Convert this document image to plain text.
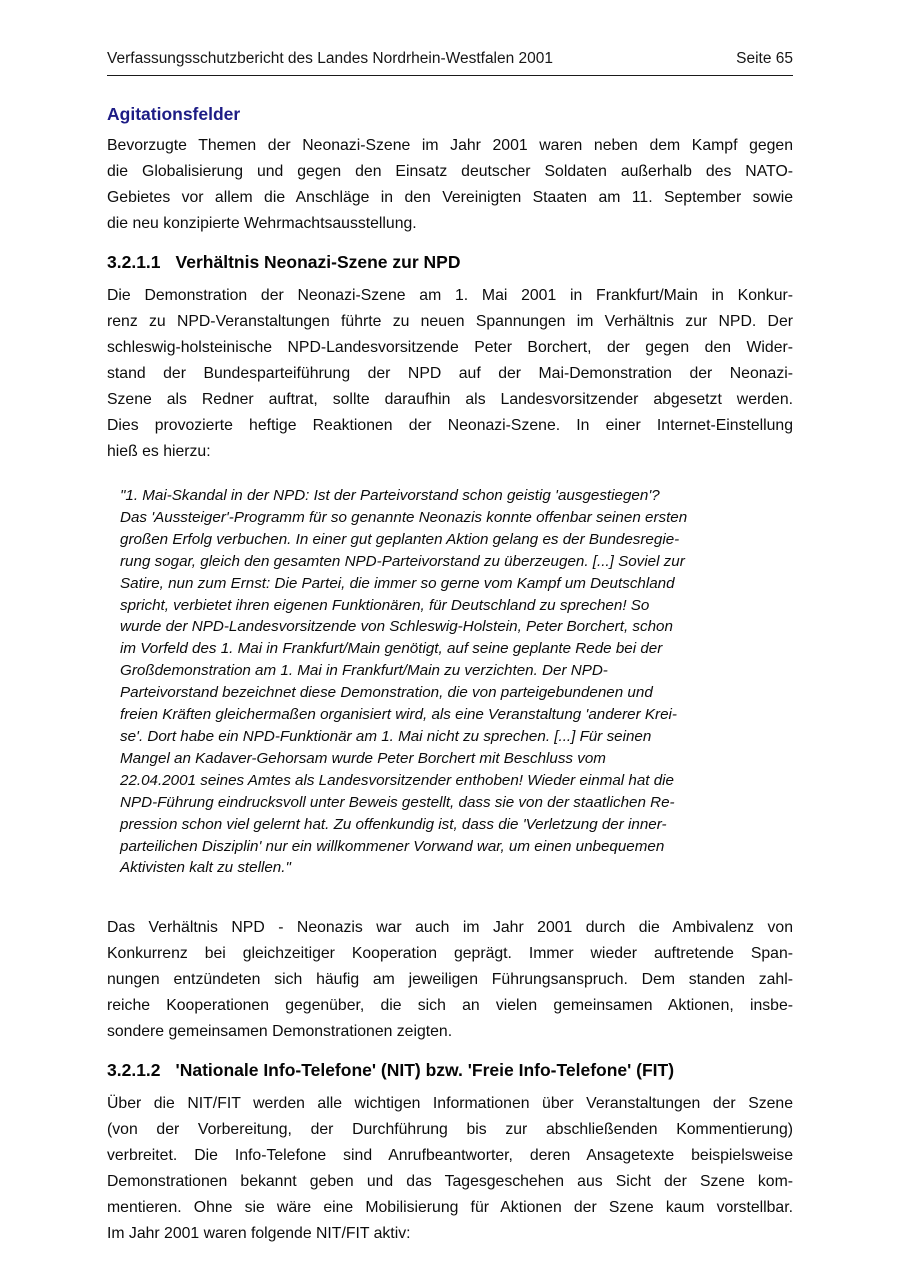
Verfassungsschutzbericht des Landes Nordrhein-Westfalen 2001	Seite 65
Agitationsfelder
Bevorzugte Themen der Neonazi-Szene im Jahr 2001 waren neben dem Kampf gegen
die Globalisierung und gegen den Einsatz deutscher Soldaten außerhalb des NATO-
Gebietes vor allem die Anschläge in den Vereinigten Staaten am 11. September sowie
die neu konzipierte Wehrmachtsausstellung.
3.2.1.1 Verhältnis Neonazi-Szene zur NPD
Die Demonstration der Neonazi-Szene am 1. Mai 2001 in Frankfurt/Main in Konkur-
renz zu NPD-Veranstaltungen führte zu neuen Spannungen im Verhältnis zur NPD. Der
schleswig-holsteinische NPD-Landesvorsitzende Peter Borchert, der gegen den Wider-
stand der Bundesparteiführung der NPD auf der Mai-Demonstration der Neonazi-
Szene als Redner auftrat, sollte daraufhin als Landesvorsitzender abgesetzt werden.
Dies provozierte heftige Reaktionen der Neonazi-Szene. In einer Internet-Einstellung
hieß es hierzu:
"1. Mai-Skandal in der NPD: Ist der Parteivorstand schon geistig 'ausgestiegen'?
Das 'Aussteiger'-Programm für so genannte Neonazis konnte offenbar seinen ersten
großen Erfolg verbuchen. In einer gut geplanten Aktion gelang es der Bundesregie-
rung sogar, gleich den gesamten NPD-Parteivorstand zu überzeugen. [...] Soviel zur
Satire, nun zum Ernst: Die Partei, die immer so gerne vom Kampf um Deutschland
spricht, verbietet ihren eigenen Funktionären, für Deutschland zu sprechen! So
wurde der NPD-Landesvorsitzende von Schleswig-Holstein, Peter Borchert, schon
im Vorfeld des 1. Mai in Frankfurt/Main genötigt, auf seine geplante Rede bei der
Großdemonstration am 1. Mai in Frankfurt/Main zu verzichten. Der NPD-
Parteivorstand bezeichnet diese Demonstration, die von parteigebundenen und
freien Kräften gleichermaßen organisiert wird, als eine Veranstaltung 'anderer Krei-
se'. Dort habe ein NPD-Funktionär am 1. Mai nicht zu sprechen. [...] Für seinen
Mangel an Kadaver-Gehorsam wurde Peter Borchert mit Beschluss vom
22.04.2001 seines Amtes als Landesvorsitzender enthoben! Wieder einmal hat die
NPD-Führung eindrucksvoll unter Beweis gestellt, dass sie von der staatlichen Re-
pression schon viel gelernt hat. Zu offenkundig ist, dass die 'Verletzung der inner-
parteilichen Disziplin' nur ein willkommener Vorwand war, um einen unbequemen
Aktivisten kalt zu stellen."
Das Verhältnis NPD - Neonazis war auch im Jahr 2001 durch die Ambivalenz von
Konkurrenz bei gleichzeitiger Kooperation geprägt. Immer wieder auftretende Span-
nungen entzündeten sich häufig am jeweiligen Führungsanspruch. Dem standen zahl-
reiche Kooperationen gegenüber, die sich an vielen gemeinsamen Aktionen, insbe-
sondere gemeinsamen Demonstrationen zeigten.
3.2.1.2 'Nationale Info-Telefone' (NIT) bzw. 'Freie Info-Telefone' (FIT)
Über die NIT/FIT werden alle wichtigen Informationen über Veranstaltungen der Szene
(von der Vorbereitung, der Durchführung bis zur abschließenden Kommentierung)
verbreitet. Die Info-Telefone sind Anrufbeantworter, deren Ansagetexte beispielsweise
Demonstrationen bekannt geben und das Tagesgeschehen aus Sicht der Szene kom-
mentieren. Ohne sie wäre eine Mobilisierung für Aktionen der Szene kaum vorstellbar.
Im Jahr 2001 waren folgende NIT/FIT aktiv:
